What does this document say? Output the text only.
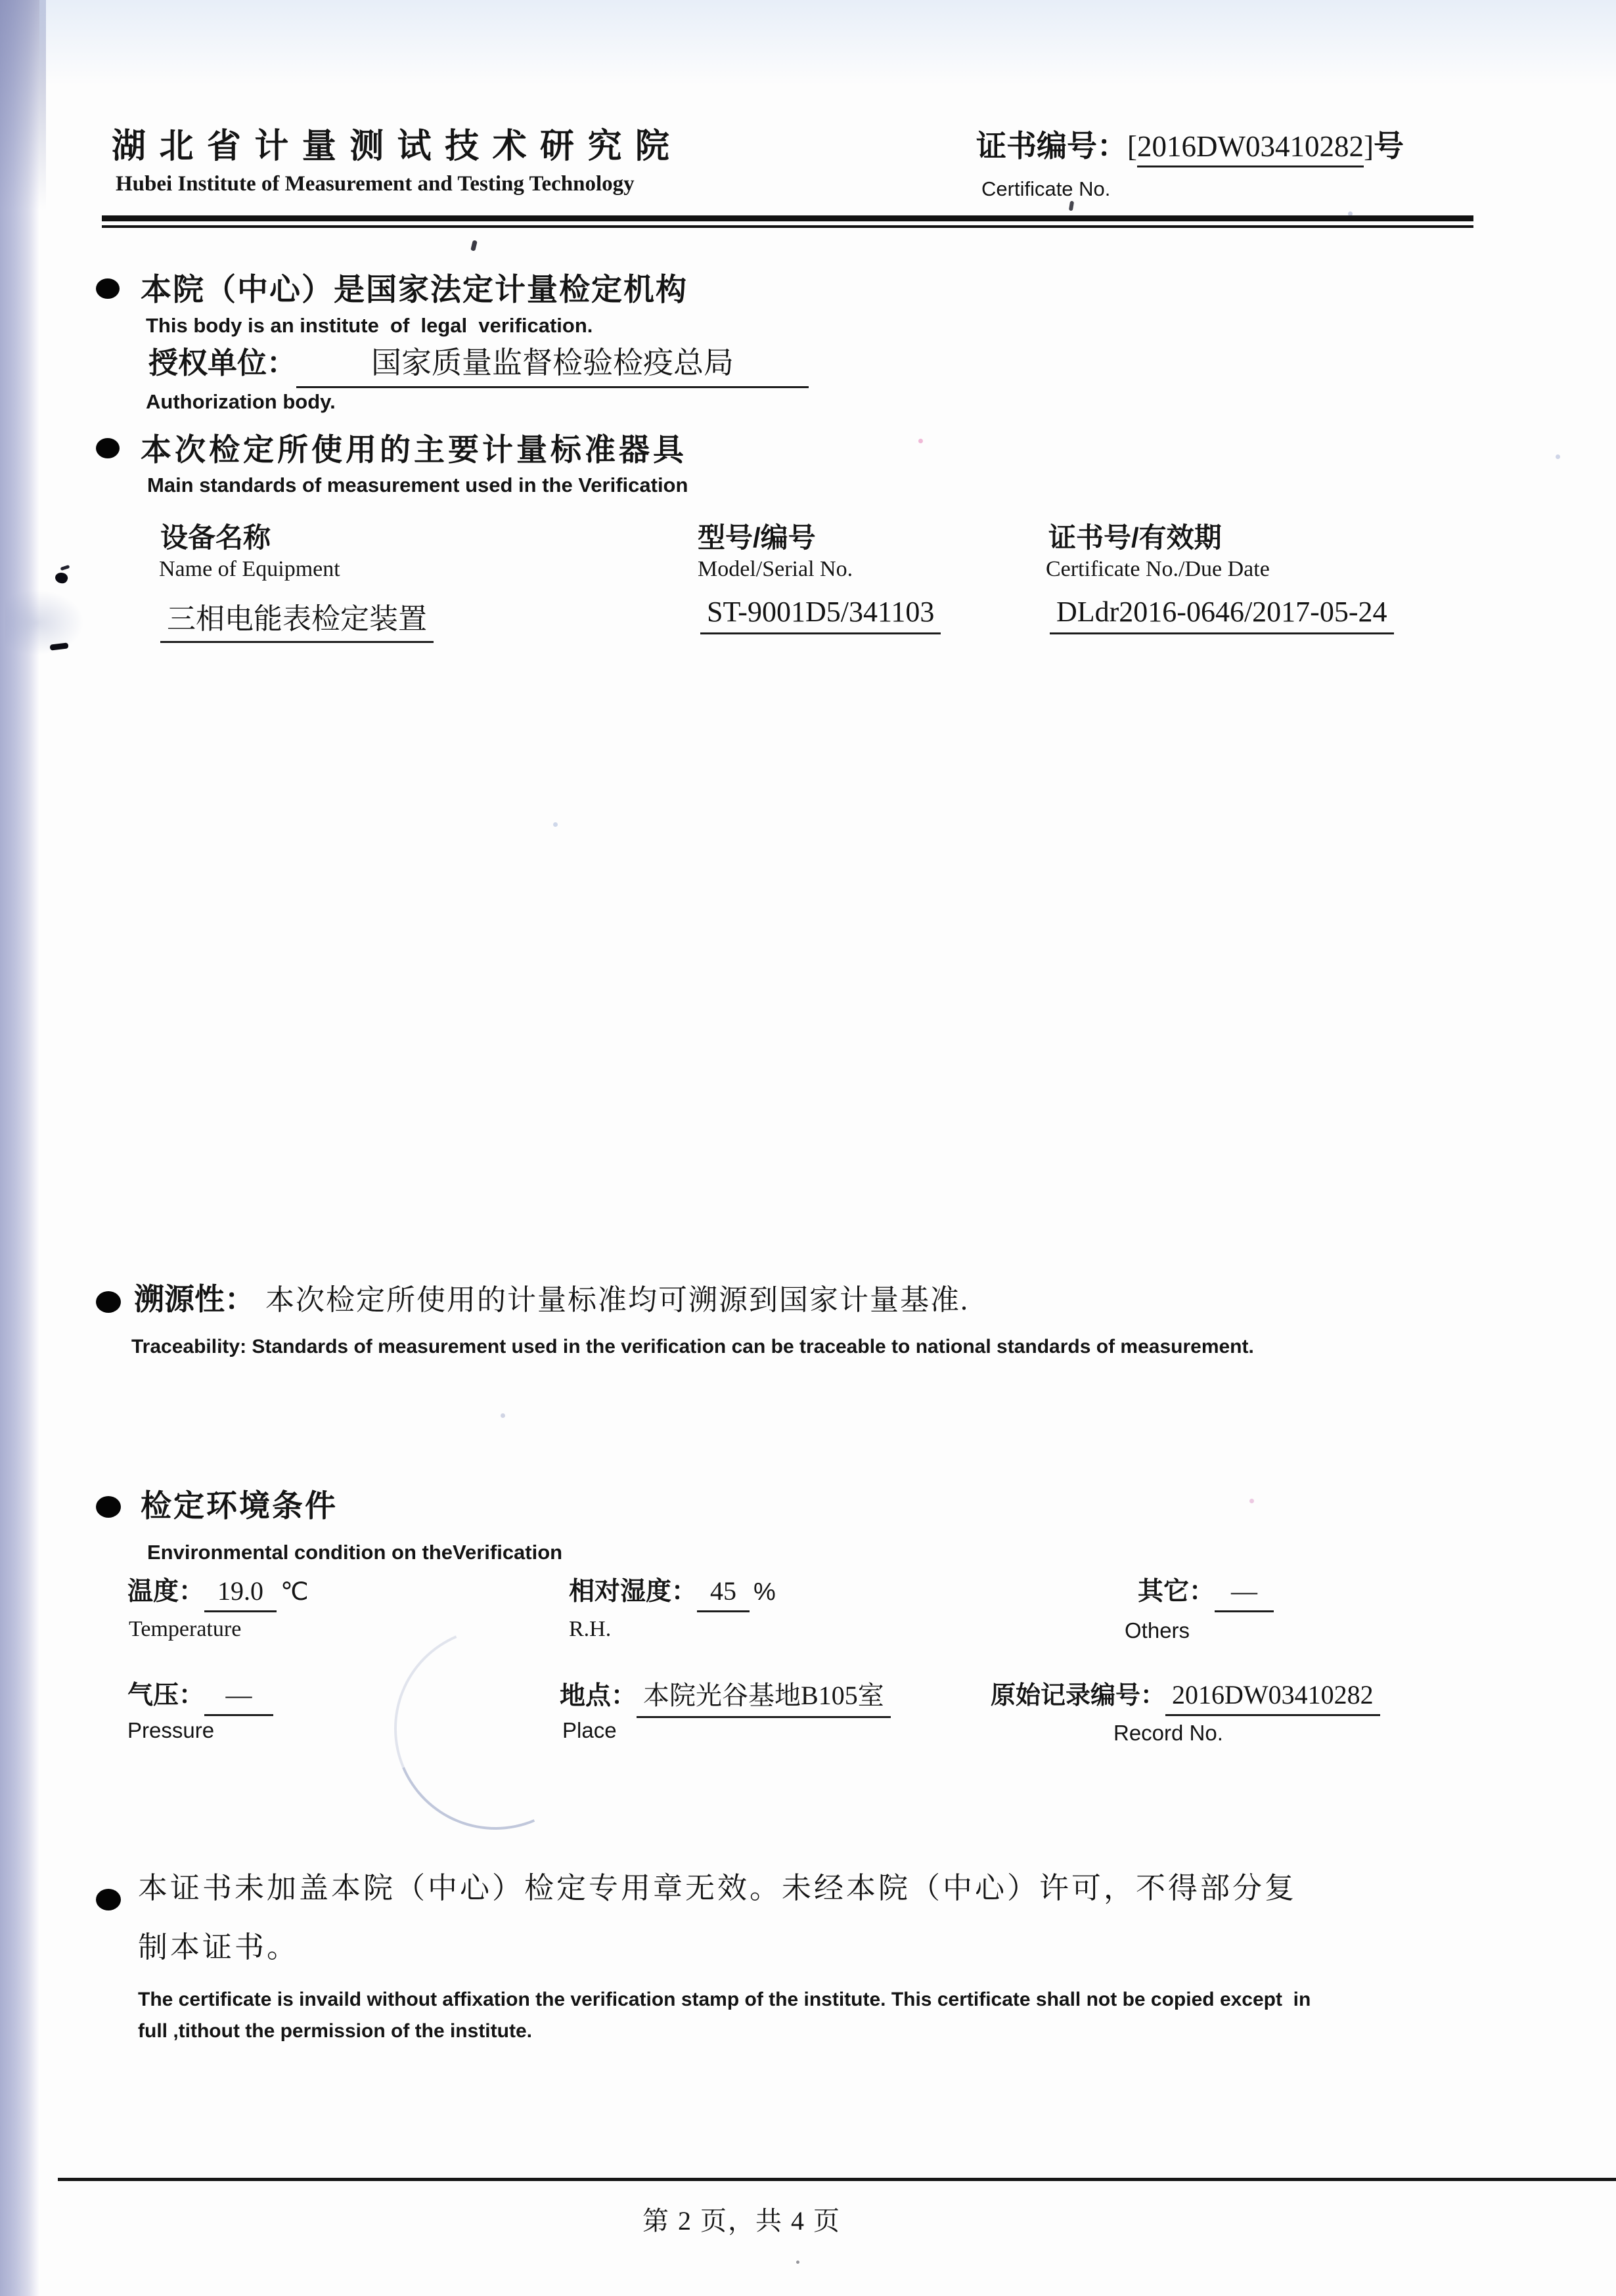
湖 北 省 计 量 测 试 技 术 研 究 院
Hubei Institute of Measurement and Testing Technology
证书编号： [2016DW03410282] 号
Certificate No.
本院（中心）是国家法定计量检定机构
This body is an institute  of  legal  verification.
授权单位：	国家质量监督检验检疫总局
Authorization body.
本次检定所使用的主要计量标准器具
Main standards of measurement used in the Verification
设备名称	型号/编号	证书号/有效期
Name of Equipment	Model/Serial No.	Certificate No./Due Date
三相电能表检定装置	ST-9001D5/341103	DLdr2016-0646/2017-05-24
溯源性： 本次检定所使用的计量标准均可溯源到国家计量基准.
Traceability: Standards of measurement used in the verification can be traceable to national standards of measurement.
检定环境条件
Environmental condition on theVerification
温度： 19.0 ℃
Temperature
相对湿度： 45 %
R.H.
其它： —
Others
气压： —
Pressure
地点： 本院光谷基地B105室
Place
原始记录编号： 2016DW03410282
Record No.
本证书未加盖本院（中心）检定专用章无效。未经本院（中心）许可，不得部分复
制本证书。
The certificate is invaild without affixation the verification stamp of the institute. This certificate shall not be copied except  in
full ,tithout the permission of the institute.
第 2 页，共 4 页
